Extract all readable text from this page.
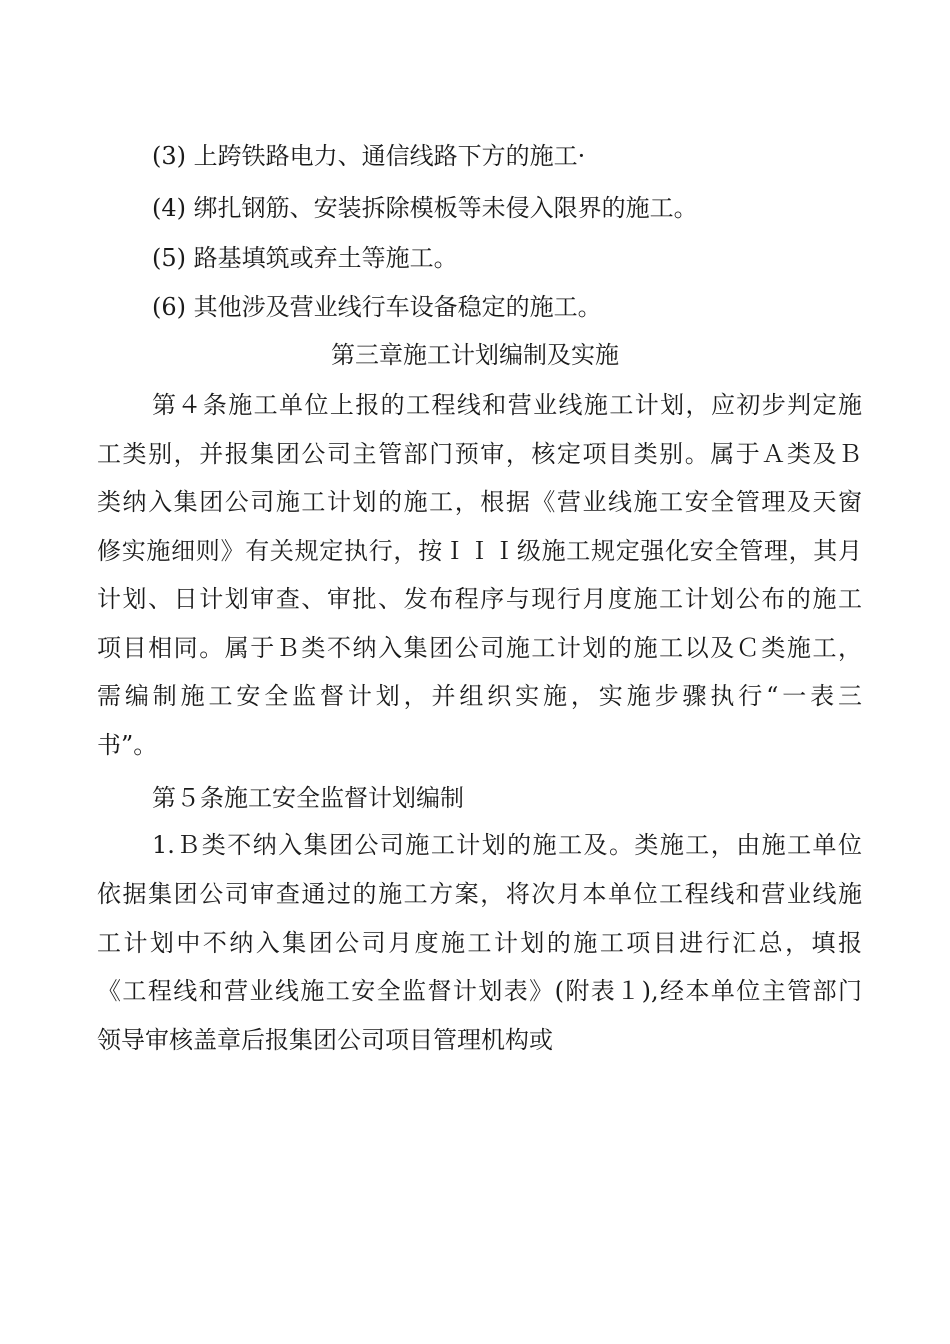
(3) 上跨铁路电力、通信线路下方的施工·
(4) 绑扎钢筋、安装拆除模板等未侵入限界的施工。
(5) 路基填筑或弃土等施工。
(6) 其他涉及营业线行车设备稳定的施工。
第三章施工计划编制及实施
第４条施工单位上报的工程线和营业线施工计划，应初步判定施
工类别，并报集团公司主管部门预审，核定项目类别。属于Ａ类及Ｂ
类纳入集团公司施工计划的施工，根据《营业线施工安全管理及天窗
修实施细则》有关规定执行，按ＩＩＩ级施工规定强化安全管理，其月
计划、日计划审查、审批、发布程序与现行月度施工计划公布的施工
项目相同。属于Ｂ类不纳入集团公司施工计划的施工以及Ｃ类施工，
需编制施工安全监督计划，并组织实施，实施步骤执行“一表三
书”。
第５条施工安全监督计划编制
1.Ｂ类不纳入集团公司施工计划的施工及。类施工，由施工单位
依据集团公司审查通过的施工方案，将次月本单位工程线和营业线施
工计划中不纳入集团公司月度施工计划的施工项目进行汇总，填报
《工程线和营业线施工安全监督计划表》(附表１),经本单位主管部门
领导审核盖章后报集团公司项目管理机构或
